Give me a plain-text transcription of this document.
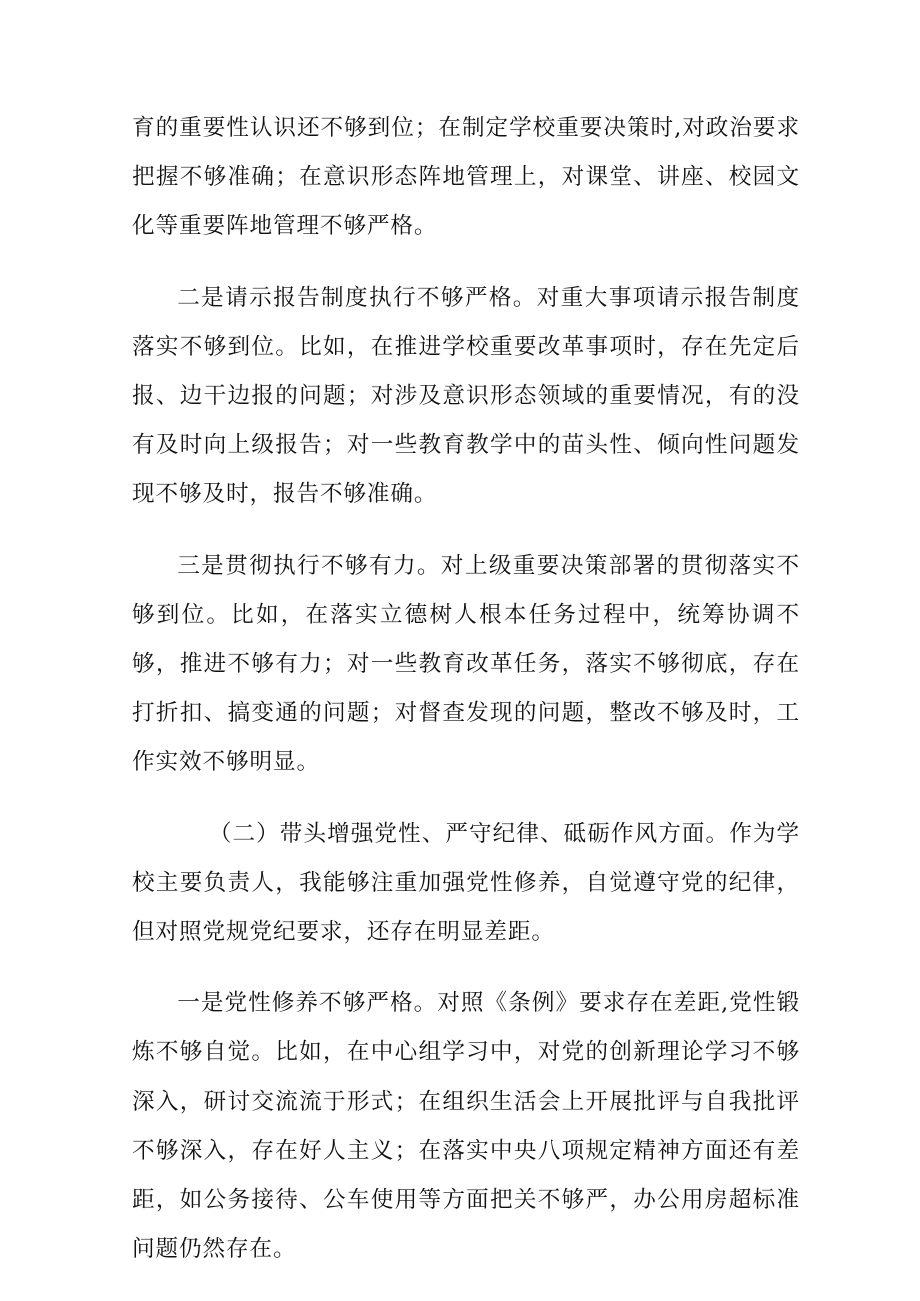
育的重要性认识还不够到位；在制定学校重要决策时,对政治要求把握不够准确；在意识形态阵地管理上，对课堂、讲座、校园文化等重要阵地管理不够严格。

二是请示报告制度执行不够严格。对重大事项请示报告制度落实不够到位。比如，在推进学校重要改革事项时，存在先定后报、边干边报的问题；对涉及意识形态领域的重要情况，有的没有及时向上级报告；对一些教育教学中的苗头性、倾向性问题发现不够及时，报告不够准确。

三是贯彻执行不够有力。对上级重要决策部署的贯彻落实不够到位。比如，在落实立德树人根本任务过程中，统筹协调不够，推进不够有力；对一些教育改革任务，落实不够彻底，存在打折扣、搞变通的问题；对督查发现的问题，整改不够及时，工作实效不够明显。

（二）带头增强党性、严守纪律、砥砺作风方面。作为学校主要负责人，我能够注重加强党性修养，自觉遵守党的纪律，但对照党规党纪要求，还存在明显差距。

一是党性修养不够严格。对照《条例》要求存在差距,党性锻炼不够自觉。比如，在中心组学习中，对党的创新理论学习不够深入，研讨交流流于形式；在组织生活会上开展批评与自我批评不够深入，存在好人主义；在落实中央八项规定精神方面还有差距，如公务接待、公车使用等方面把关不够严，办公用房超标准问题仍然存在。
